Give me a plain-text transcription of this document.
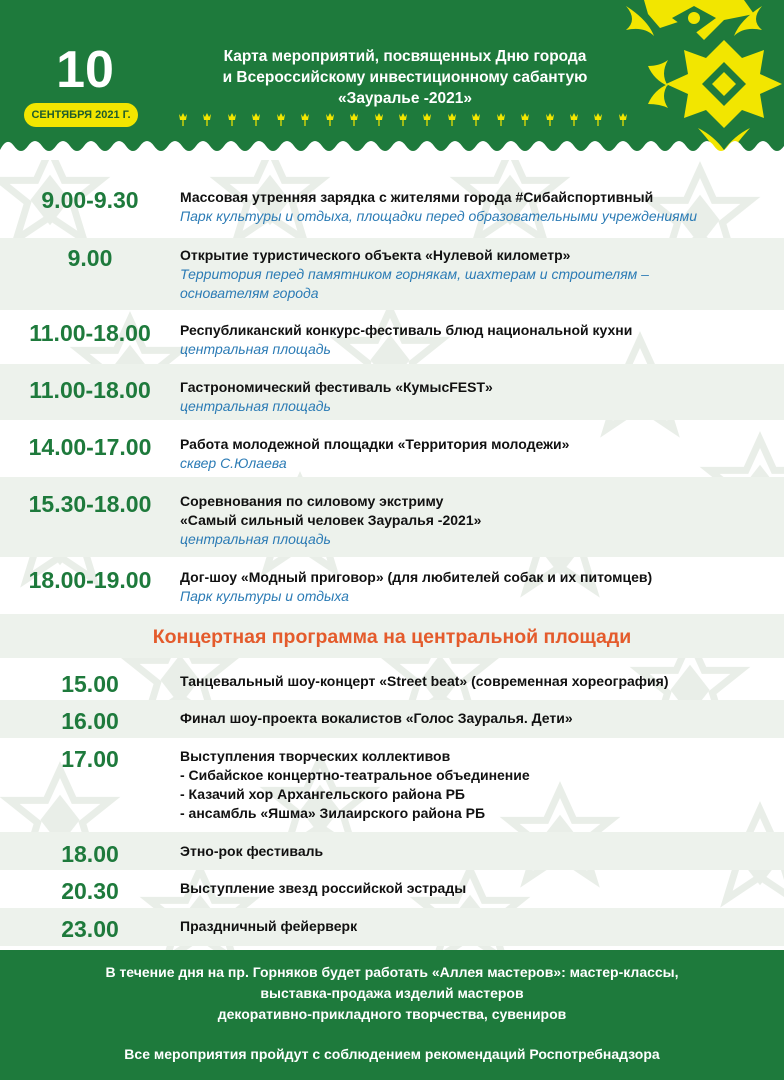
10
СЕНТЯБРЯ 2021 Г.
Карта мероприятий, посвященных Дню города
и Всероссийскому инвестиционному сабантую
«Зауралье -2021»
9.00-9.30	Массовая утренняя зарядка с жителями города #Сибайспортивный
Парк культуры и отдыха, площадки перед образовательными учреждениями
9.00	Открытие туристического объекта «Нулевой километр»
Территория перед памятником горнякам, шахтерам и строителям –
основателям города
11.00-18.00	Республиканский конкурс-фестиваль блюд национальной кухни
центральная площадь
11.00-18.00	Гастрономический фестиваль «КумысFEST»
центральная площадь
14.00-17.00	Работа молодежной площадки «Территория молодежи»
сквер С.Юлаева
15.30-18.00	Соревнования по силовому экстриму
«Самый сильный человек Зауралья -2021»
центральная площадь
18.00-19.00	Дог-шоу «Модный приговор» (для любителей собак и их питомцев)
Парк культуры и отдыха
Концертная программа на центральной площади
15.00	Танцевальный шоу-концерт «Street beat» (современная хореография)
16.00	Финал шоу-проекта вокалистов «Голос Зауралья. Дети»
17.00	Выступления творческих коллективов
- Сибайское концертно-театральное объединение
- Казачий хор Архангельского района РБ
- ансамбль «Яшма» Зилаирского района РБ
18.00	Этно-рок фестиваль
20.30	Выступление звезд российской эстрады
23.00	Праздничный фейерверк
В течение дня на пр. Горняков будет работать «Аллея мастеров»: мастер-классы,
выставка-продажа изделий мастеров
декоративно-прикладного творчества, сувениров
Все мероприятия пройдут с соблюдением рекомендаций Роспотребнадзора
